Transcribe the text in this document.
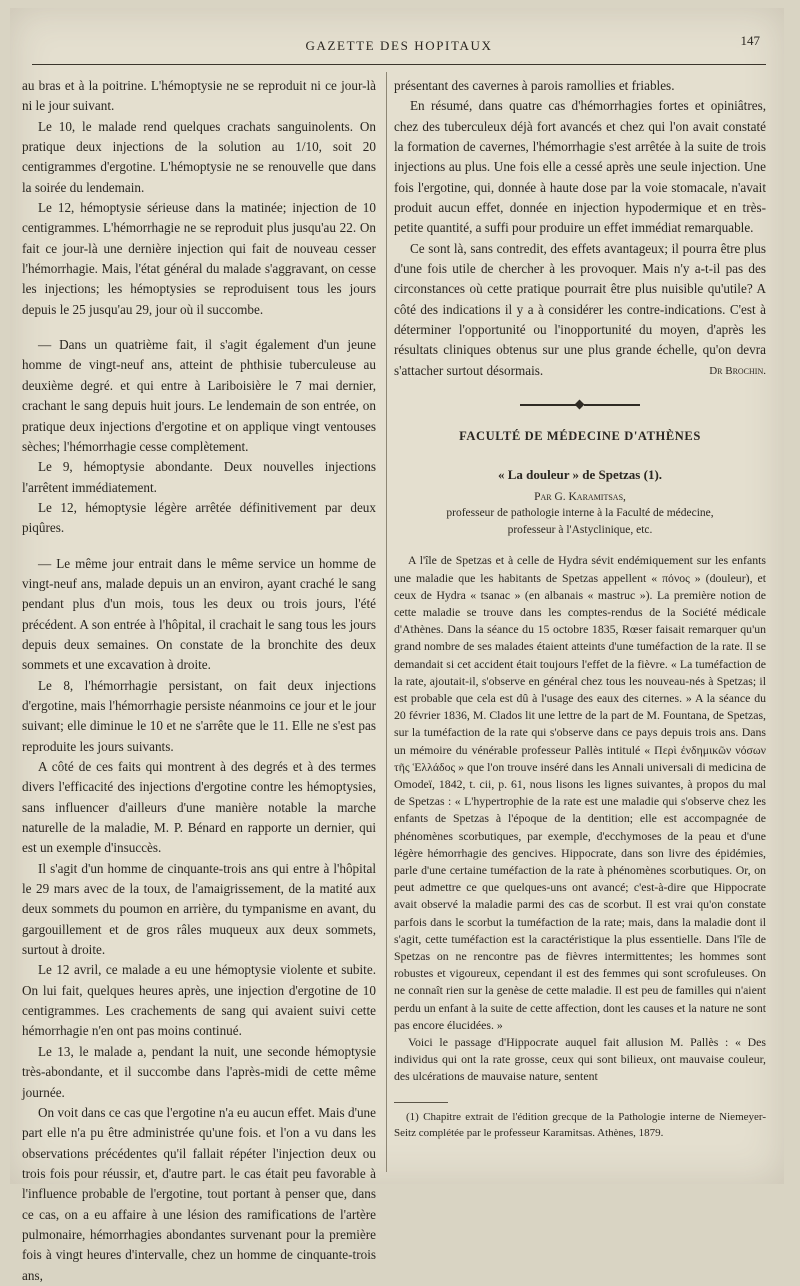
GAZETTE DES HOPITAUX	147

au bras et à la poitrine. L'hémoptysie ne se reproduit ni ce jour-là ni le jour suivant.

Le 10, le malade rend quelques crachats sanguinolents. On pratique deux injections de la solution au 1/10, soit 20 centigrammes d'ergotine. L'hémoptysie ne se renouvelle que dans la soirée du lendemain.

Le 12, hémoptysie sérieuse dans la matinée; injection de 10 centigrammes. L'hémorrhagie ne se reproduit plus jusqu'au 22. On fait ce jour-là une dernière injection qui fait de nouveau cesser l'hémorrhagie. Mais, l'état général du malade s'aggravant, on cesse les injections; les hémoptysies se reproduisent tous les jours depuis le 25 jusqu'au 29, jour où il succombe.

— Dans un quatrième fait, il s'agit également d'un jeune homme de vingt-neuf ans, atteint de phthisie tuberculeuse au deuxième degré. et qui entre à Lariboisière le 7 mai dernier, crachant le sang depuis huit jours. Le lendemain de son entrée, on pratique deux injections d'ergotine et on applique vingt ventouses sèches; l'hémorrhagie cesse complètement.

Le 9, hémoptysie abondante. Deux nouvelles injections l'arrêtent immédiatement.

Le 12, hémoptysie légère arrêtée définitivement par deux piqûres.

— Le même jour entrait dans le même service un homme de vingt-neuf ans, malade depuis un an environ, ayant craché le sang pendant plus d'un mois, tous les deux ou trois jours, l'été précédent. A son entrée à l'hôpital, il crachait le sang tous les jours depuis deux semaines. On constate de la bronchite des deux sommets et une excavation à droite.

Le 8, l'hémorrhagie persistant, on fait deux injections d'ergotine, mais l'hémorrhagie persiste néanmoins ce jour et le jour suivant; elle diminue le 10 et ne s'arrête que le 11. Elle ne s'est pas reproduite les jours suivants.

A côté de ces faits qui montrent à des degrés et à des termes divers l'efficacité des injections d'ergotine contre les hémoptysies, sans influencer d'ailleurs d'une manière notable la marche naturelle de la maladie, M. P. Bénard en rapporte un dernier, qui est un exemple d'insuccès.

Il s'agit d'un homme de cinquante-trois ans qui entre à l'hôpital le 29 mars avec de la toux, de l'amaigrissement, de la matité aux deux sommets du poumon en arrière, du tympanisme en avant, du gargouillement et de gros râles muqueux aux deux sommets, surtout à droite.

Le 12 avril, ce malade a eu une hémoptysie violente et subite. On lui fait, quelques heures après, une injection d'ergotine de 10 centigrammes. Les crachements de sang qui avaient suivi cette hémorrhagie n'en ont pas moins continué.

Le 13, le malade a, pendant la nuit, une seconde hémoptysie très-abondante, et il succombe dans l'après-midi de cette même journée.

On voit dans ce cas que l'ergotine n'a eu aucun effet. Mais d'une part elle n'a pu être administrée qu'une fois. et l'on a vu dans les observations précédentes qu'il fallait répéter l'injection deux ou trois fois pour réussir, et, d'autre part. le cas était peu favorable à l'influence probable de l'ergotine, tout portant à penser que, dans ce cas, on a eu affaire à une lésion des ramifications de l'artère pulmonaire, hémorrhagies abondantes survenant pour la première fois à vingt heures d'intervalle, chez un homme de cinquante-trois ans,

présentant des cavernes à parois ramollies et friables.

En résumé, dans quatre cas d'hémorrhagies fortes et opiniâtres, chez des tuberculeux déjà fort avancés et chez qui l'on avait constaté la formation de cavernes, l'hémorrhagie s'est arrêtée à la suite de trois injections au plus. Une fois elle a cessé après une seule injection. Une fois l'ergotine, qui, donnée à haute dose par la voie stomacale, n'avait produit aucun effet, donnée en injection hypodermique et en très-petite quantité, a suffi pour produire un effet immédiat remarquable.

Ce sont là, sans contredit, des effets avantageux; il pourra être plus d'une fois utile de chercher à les provoquer. Mais n'y a-t-il pas des circonstances où cette pratique pourrait être plus nuisible qu'utile? A côté des indications il y a à considérer les contre-indications. C'est à déterminer l'opportunité ou l'inopportunité du moyen, d'après les résultats cliniques obtenus sur une plus grande échelle, qu'on devra s'attacher surtout désormais.	Dr Brochin.

FACULTÉ DE MÉDECINE D'ATHÈNES
« La douleur » de Spetzas (1).
Par G. Karamitsas,
professeur de pathologie interne à la Faculté de médecine,
professeur à l'Astyclinique, etc.

A l'île de Spetzas et à celle de Hydra sévit endémiquement sur les enfants une maladie que les habitants de Spetzas appellent « πόνος » (douleur), et ceux de Hydra « tsanac » (en albanais « mastruc »). La première notion de cette maladie se trouve dans les comptes-rendus de la Société médicale d'Athènes. Dans la séance du 15 octobre 1835, Rœser faisait remarquer qu'un grand nombre de ses malades étaient atteints d'une tuméfaction de la rate. Il se demandait si cet accident était toujours l'effet de la fièvre. « La tuméfaction de la rate, ajoutait-il, s'observe en général chez tous les nouveau-nés à Spetzas; il est probable que cela est dû à l'usage des eaux des citernes. » A la séance du 20 février 1836, M. Clados lit une lettre de la part de M. Fountana, de Spetzas, sur la tuméfaction de la rate qui s'observe dans ce pays depuis trois ans. Dans un mémoire du vénérable professeur Pallès intitulé « Περὶ ἐνδημικῶν νόσων τῆς Ἑλλάδος » que l'on trouve inséré dans les Annali universali di medicina de Omodeï, 1842, t. cii, p. 61, nous lisons les lignes suivantes, à propos du mal de Spetzas : « L'hypertrophie de la rate est une maladie qui s'observe chez les enfants de Spetzas à l'époque de la dentition; elle est accompagnée de phénomènes scorbutiques, par exemple, d'ecchymoses de la peau et d'une légère hémorrhagie des gencives. Hippocrate, dans son livre des épidémies, parle d'une certaine tuméfaction de la rate à phénomènes scorbutiques. Or, on peut admettre ce que quelques-uns ont avancé; c'est-à-dire que Hippocrate avait observé la maladie parmi des cas de scorbut. Il est vrai qu'on constate parfois dans le scorbut la tuméfaction de la rate; mais, dans la maladie dont il s'agit, cette tuméfaction est la caractéristique la plus essentielle. Dans l'île de Spetzas on ne rencontre pas de fièvres intermittentes; les hommes sont robustes et vigoureux, cependant il est des femmes qui sont scrofuleuses. On ne connaît rien sur la genèse de cette maladie. Il est peu de familles qui n'aient perdu un enfant à la suite de cette affection, dont les causes et la nature ne sont pas encore élucidées. »

Voici le passage d'Hippocrate auquel fait allusion M. Pallès : « Des individus qui ont la rate grosse, ceux qui sont bilieux, ont mauvaise couleur, des ulcérations de mauvaise nature, sentent

(1) Chapitre extrait de l'édition grecque de la Pathologie interne de Niemeyer-Seitz complétée par le professeur Karamitsas. Athènes, 1879.
